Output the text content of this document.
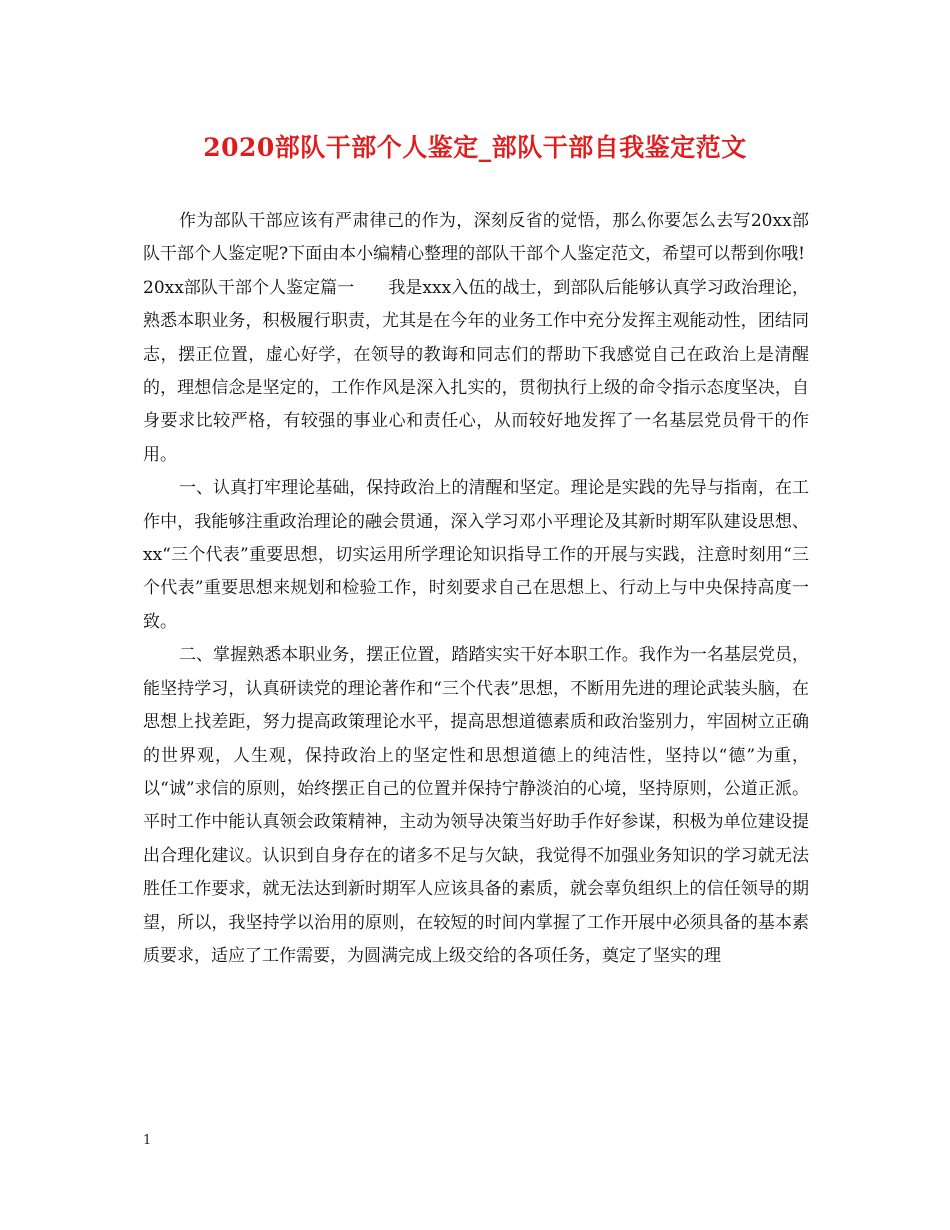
2020部队干部个人鉴定_部队干部自我鉴定范文

作为部队干部应该有严肃律己的作为，深刻反省的觉悟，那么你要怎么去写20xx部队干部个人鉴定呢?下面由本小编精心整理的部队干部个人鉴定范文，希望可以帮到你哦!

20xx部队干部个人鉴定篇一　　我是xxx入伍的战士，到部队后能够认真学习政治理论，熟悉本职业务，积极履行职责，尤其是在今年的业务工作中充分发挥主观能动性，团结同志，摆正位置，虚心好学，在领导的教诲和同志们的帮助下我感觉自己在政治上是清醒的，理想信念是坚定的，工作作风是深入扎实的，贯彻执行上级的命令指示态度坚决，自身要求比较严格，有较强的事业心和责任心，从而较好地发挥了一名基层党员骨干的作用。

一、认真打牢理论基础，保持政治上的清醒和坚定。理论是实践的先导与指南，在工作中，我能够注重政治理论的融会贯通，深入学习邓小平理论及其新时期军队建设思想、xx“三个代表”重要思想，切实运用所学理论知识指导工作的开展与实践，注意时刻用“三个代表”重要思想来规划和检验工作，时刻要求自己在思想上、行动上与中央保持高度一致。

二、掌握熟悉本职业务，摆正位置，踏踏实实干好本职工作。我作为一名基层党员，能坚持学习，认真研读党的理论著作和“三个代表”思想，不断用先进的理论武装头脑，在思想上找差距，努力提高政策理论水平，提高思想道德素质和政治鉴别力，牢固树立正确的世界观，人生观，保持政治上的坚定性和思想道德上的纯洁性，坚持以“德”为重，以“诚”求信的原则，始终摆正自己的位置并保持宁静淡泊的心境，坚持原则，公道正派。平时工作中能认真领会政策精神，主动为领导决策当好助手作好参谋，积极为单位建设提出合理化建议。认识到自身存在的诸多不足与欠缺，我觉得不加强业务知识的学习就无法胜任工作要求，就无法达到新时期军人应该具备的素质，就会辜负组织上的信任领导的期望，所以，我坚持学以治用的原则，在较短的时间内掌握了工作开展中必须具备的基本素质要求，适应了工作需要，为圆满完成上级交给的各项任务，奠定了坚实的理

1
